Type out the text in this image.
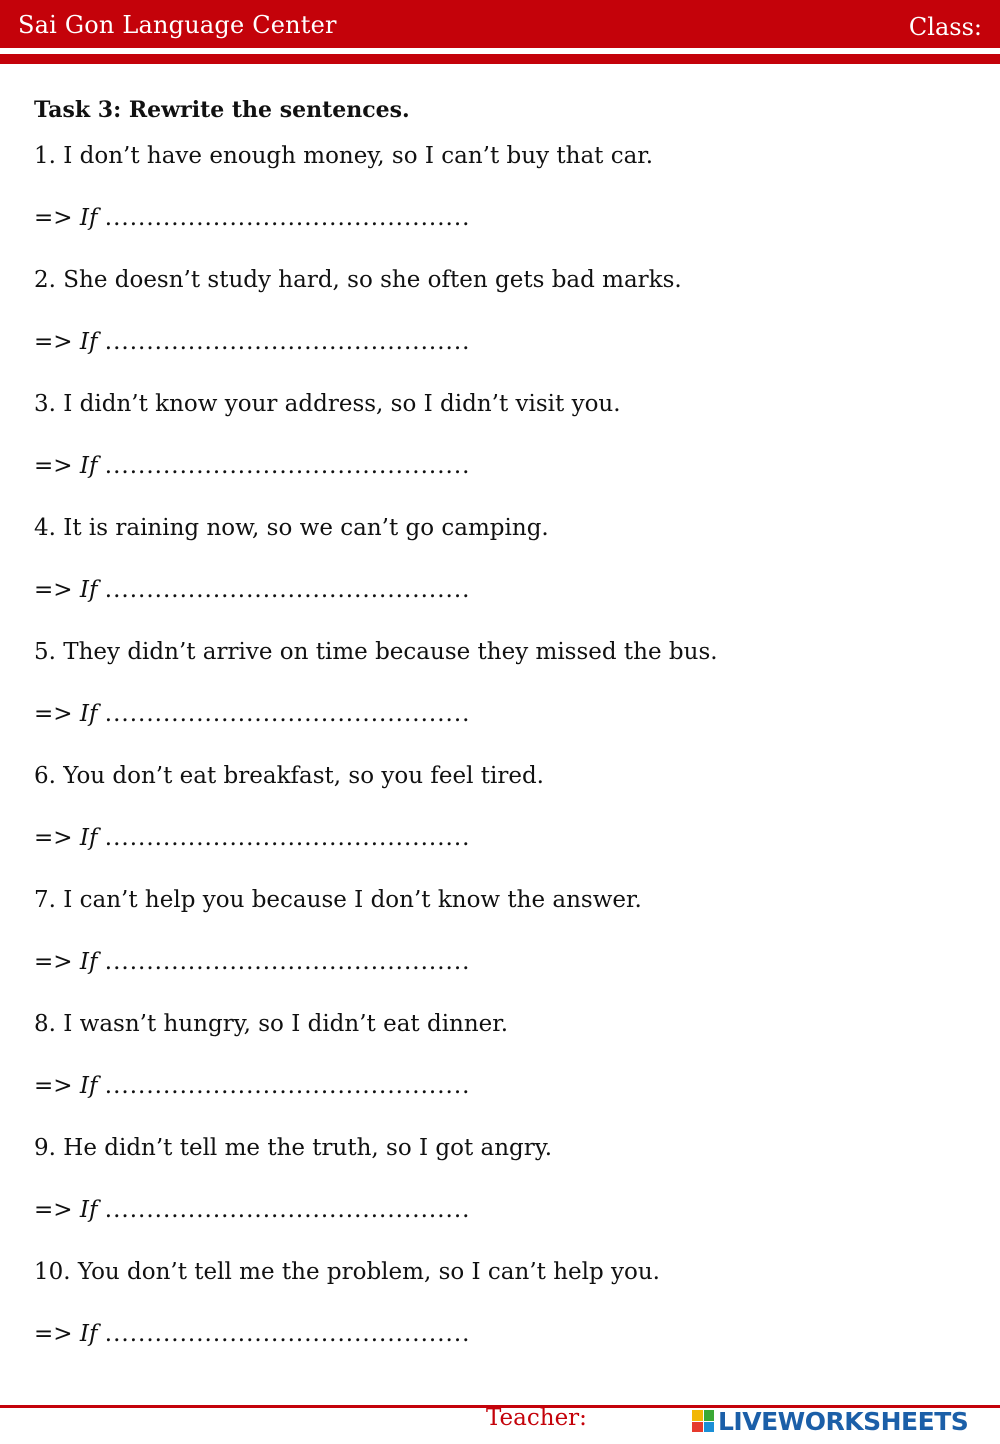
Sai Gon Language Center	Class:
Task 3: Rewrite the sentences.
1. I don’t have enough money, so I can’t buy that car.
=> If ............................................
2. She doesn’t study hard, so she often gets bad marks.
=> If ............................................
3. I didn’t know your address, so I didn’t visit you.
=> If ............................................
4. It is raining now, so we can’t go camping.
=> If ............................................
5. They didn’t arrive on time because they missed the bus.
=> If ............................................
6. You don’t eat breakfast, so you feel tired.
=> If ............................................
7. I can’t help you because I don’t know the answer.
=> If ............................................
8. I wasn’t hungry, so I didn’t eat dinner.
=> If ............................................
9. He didn’t tell me the truth, so I got angry.
=> If ............................................
10. You don’t tell me the problem, so I can’t help you.
=> If ............................................
Teacher:	LIVEWORKSHEETS
